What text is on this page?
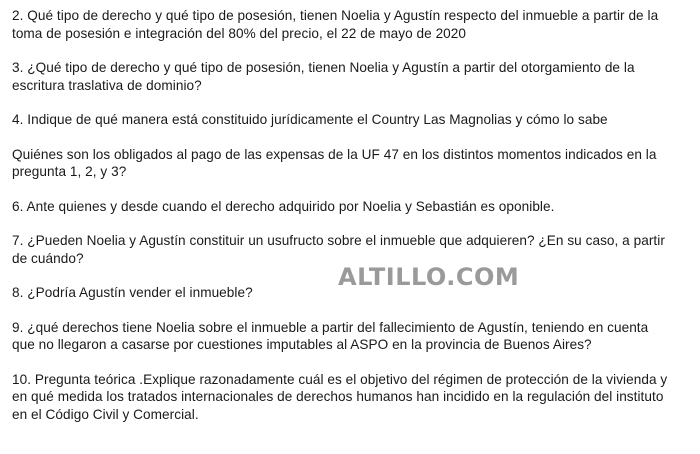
2. Qué tipo de derecho y qué tipo de posesión, tienen Noelia y Agustín respecto del inmueble a partir de la
toma de posesión e integración del 80% del precio, el 22 de mayo de 2020

3. ¿Qué tipo de derecho y qué tipo de posesión, tienen Noelia y Agustín a partir del otorgamiento de la
escritura traslativa de dominio?

4. Indique de qué manera está constituido jurídicamente el Country Las Magnolias y cómo lo sabe

Quiénes son los obligados al pago de las expensas de la UF 47 en los distintos momentos indicados en la
pregunta 1, 2, y 3?

6. Ante quienes y desde cuando el derecho adquirido por Noelia y Sebastián es oponible.

7. ¿Pueden Noelia y Agustín constituir un usufructo sobre el inmueble que adquieren? ¿En su caso, a partir
de cuándo?

8. ¿Podría Agustín vender el inmueble?

9. ¿qué derechos tiene Noelia sobre el inmueble a partir del fallecimiento de Agustín, teniendo en cuenta
que no llegaron a casarse por cuestiones imputables al ASPO en la provincia de Buenos Aires?

10. Pregunta teórica .Explique razonadamente cuál es el objetivo del régimen de protección de la vivienda y
en qué medida los tratados internacionales de derechos humanos han incidido en la regulación del instituto
en el Código Civil y Comercial.

ALTILLO.COM
